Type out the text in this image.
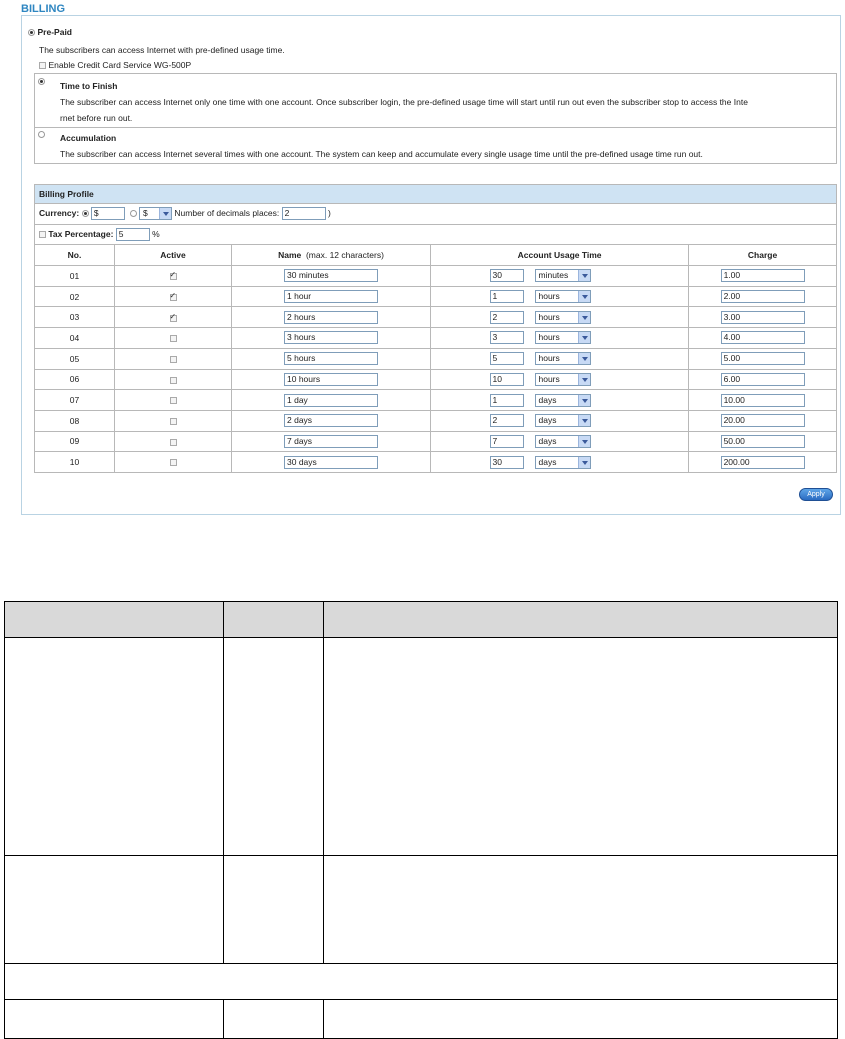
BILLING
Pre-Paid
The subscribers can access Internet with pre-defined usage time.
Enable Credit Card Service WG-500P
Time to Finish
The subscriber can access Internet only one time with one account. Once subscriber login, the pre-defined usage time will start until run out even the subscriber stop to access the Inte
rnet before run out.
Accumulation
The subscriber can access Internet several times with one account. The system can keep and accumulate every single usage time until the pre-defined usage time run out.
Billing Profile					
Currency: $ $ Number of decimals places: 2 )					
Tax Percentage: 5 %					
No.	Active	Name (max. 12 characters)	Account Usage Time		Charge
01	✓	30 minutes	30	minutes	1.00
02	✓	1 hour	1	hours	2.00
03	✓	2 hours	2	hours	3.00
04		3 hours	3	hours	4.00
05		5 hours	5	hours	5.00
06		10 hours	10	hours	6.00
07		1 day	1	days	10.00
08		2 days	2	days	20.00
09		7 days	7	days	50.00
10		30 days	30	days	200.00
Apply
